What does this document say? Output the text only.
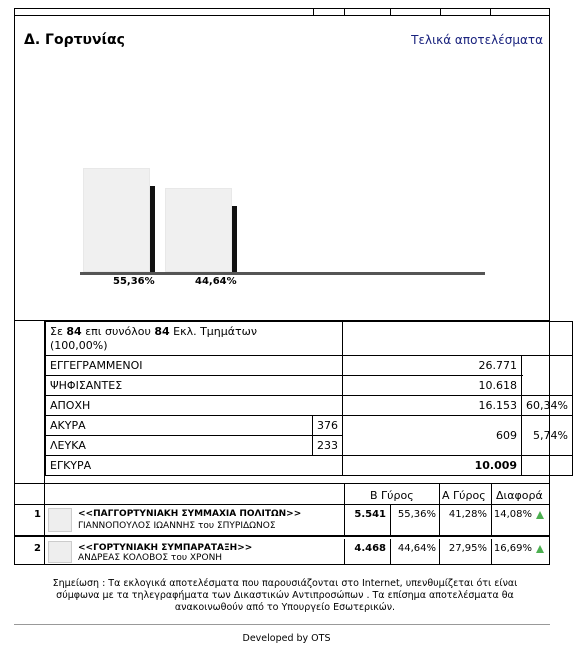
Δ. Γορτυνίας	Τελικά αποτελέσματα
55,36%	44,64%
Σε 84 επι συνόλου 84 Εκλ. Τμημάτων
(100,00%)			
ΕΓΓΕΓΡΑΜΜΕΝΟΙ		26.771	
ΨΗΦΙΣΑΝΤΕΣ		10.618	
ΑΠΟΧΗ		16.153	60,34%
ΑΚΥΡΑ	376	609	5,74%
ΛΕΥΚΑ	233		
ΕΓΚΥΡΑ		10.009	
Β Γύρος	Α Γύρος Διαφορά
1	<<ΠΑΓΓΟΡΤΥΝΙΑΚΗ ΣΥΜΜΑΧΙΑ ΠΟΛΙΤΩΝ>>
ΓΙΑΝΝΟΠΟΥΛΟΣ ΙΩΑΝΝΗΣ του ΣΠΥΡΙΔΩΝΟΣ
5.541	55,36%	41,28% 14,08%
2	<<ΓΟΡΤΥΝΙΑΚΗ ΣΥΜΠΑΡΑΤΑΞΗ>>
ΑΝΔΡΕΑΣ ΚΟΛΟΒΟΣ του ΧΡΟΝΗ
4.468	44,64%	27,95% 16,69%
Σημείωση : Τα εκλογικά αποτελέσματα που παρουσιάζονται στο Internet, υπενθυμίζεται ότι είναι σύμφωνα με τα τηλεγραφήματα των Δικαστικών Αντιπροσώπων . Τα επίσημα αποτελέσματα θα ανακοινωθούν από το Υπουργείο Εσωτερικών.
Developed by OTS
